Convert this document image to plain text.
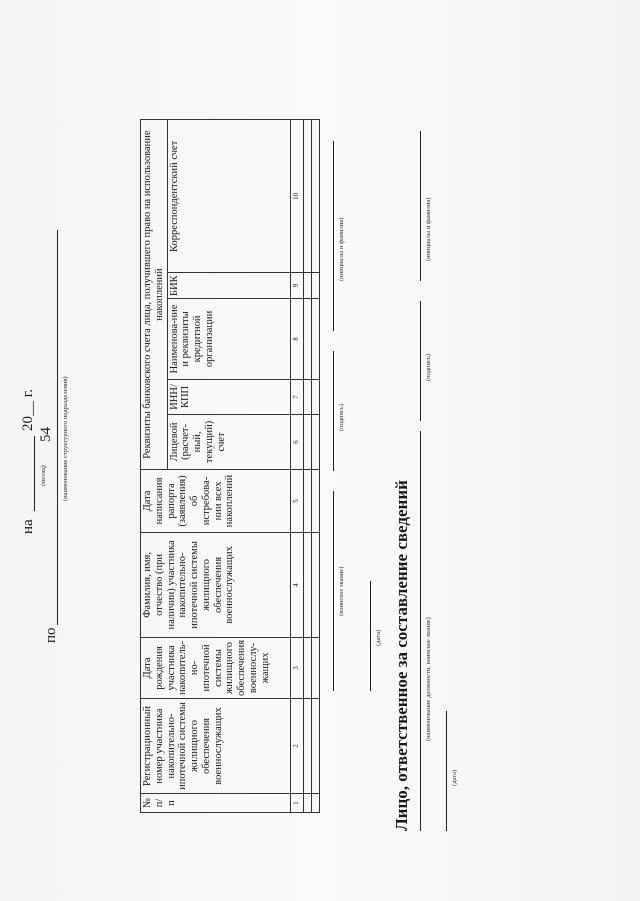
54
на
(месяц)
20__ г.
по
(наименование структурного подразделения)
№ п/п	Регистрационный номер участника накопительно-ипотечной системы жилищного обеспечения военнослужащих	Дата рождения участника накопитель-но-ипотечной системы жилищного обеспечения военнослу-жащих	Фамилия, имя, отчество (при наличии) участника накопительно-ипотечной системы жилищного обеспечения военнослужащих	Дата написания рапорта (заявления) об истребова-нии всех накоплений	Реквизиты банковского счета лица, получившего право на использование накоплений				
					Лицевой (расчет-ный, текущий) счет	ИНН/ КПП	Наименова-ние и реквизиты кредитной организации	БИК	Корреспондентский счет
1	2	3	4	5	6	7	8	9	10

(воинское звание)
(подпись)
(инициалы и фамилия)
(дата) Лицо, ответственное за составление сведений (наименование должности, воинское звание)
(подпись)
(инициалы и фамилия)
(дата)
